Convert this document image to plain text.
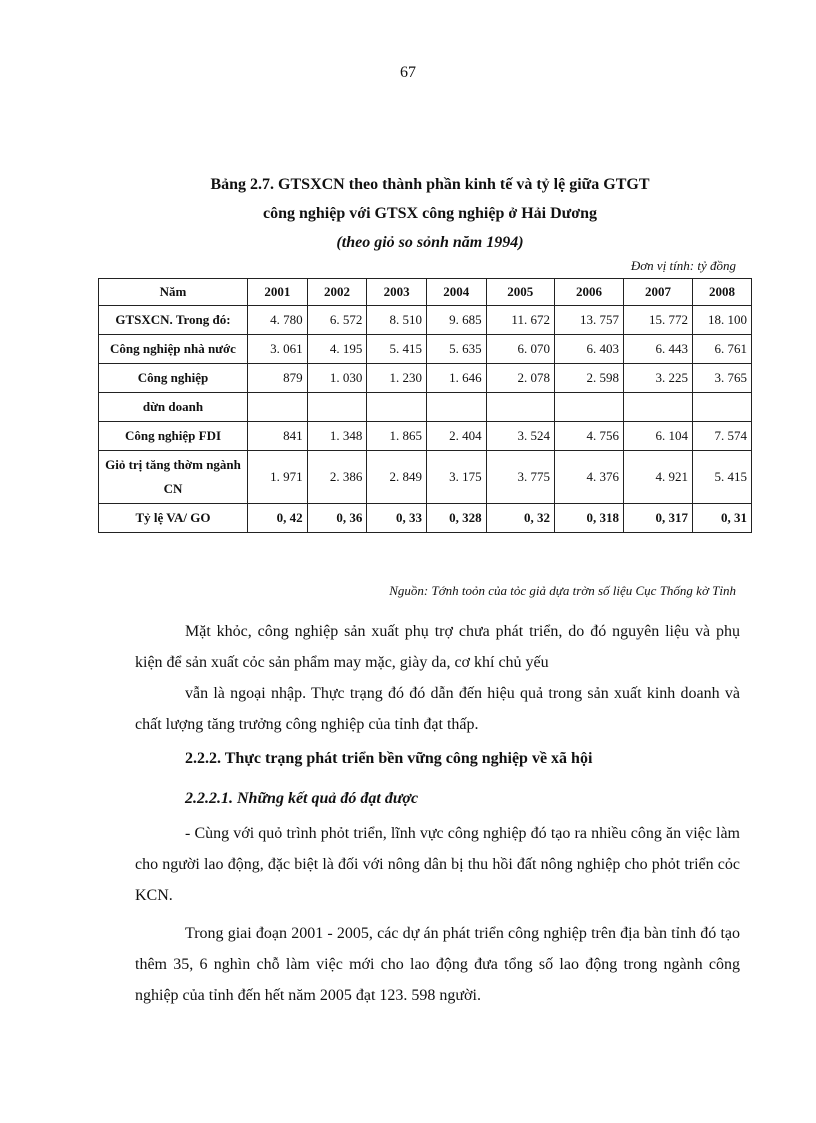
67
Bảng 2.7. GTSXCN theo thành phần kinh tế và tỷ lệ giữa GTGT
công nghiệp với GTSX công nghiệp ở Hải Dương
(theo giỏ so sỏnh năm 1994)
Đơn vị tính: tỷ đồng
Năm	2001	2002	2003	2004	2005	2006	2007	2008
GTSXCN. Trong đó:	4. 780	6. 572	8. 510	9. 685	11. 672	13. 757	15. 772	18. 100
Công nghiệp nhà nước	3. 061	4. 195	5. 415	5. 635	6. 070	6. 403	6. 443	6. 761
Công nghiệp	879	1. 030	1. 230	1. 646	2. 078	2. 598	3. 225	3. 765
dừn doanh								
Công nghiệp FDI	841	1. 348	1. 865	2. 404	3. 524	4. 756	6. 104	7. 574
Giỏ trị tăng thờm ngành CN	1. 971	2. 386	2. 849	3. 175	3. 775	4. 376	4. 921	5. 415
Tỷ lệ VA/ GO	0, 42	0, 36	0, 33	0, 328	0, 32	0, 318	0, 317	0, 31
Nguồn: Tớnh toỏn của tỏc giả dựa trờn số liệu Cục Thống kờ Tỉnh
Mặt khỏc, công nghiệp sản xuất phụ trợ chưa phát triển, do đó nguyên liệu và phụ kiện để sản xuất cỏc sản phẩm may mặc, giày da, cơ khí chủ yếu
vẫn là ngoại nhập. Thực trạng đó đó dẫn đến hiệu quả trong sản xuất kinh doanh và chất lượng tăng trưởng công nghiệp của tỉnh đạt thấp.
2.2.2. Thực trạng phát triển bền vững công nghiệp về xã hội
2.2.2.1. Những kết quả đó đạt được
- Cùng với quỏ trình phỏt triển, lĩnh vực công nghiệp đó tạo ra nhiều công ăn việc làm cho người lao động, đặc biệt là đối với nông dân bị thu hồi đất nông nghiệp cho phỏt triển cỏc KCN.
Trong giai đoạn 2001 - 2005, các dự án phát triển công nghiệp trên địa bàn tỉnh đó tạo thêm 35, 6 nghìn chỗ làm việc mới cho lao động đưa tổng số lao động trong ngành công nghiệp của tỉnh đến hết năm 2005 đạt 123. 598 người.
